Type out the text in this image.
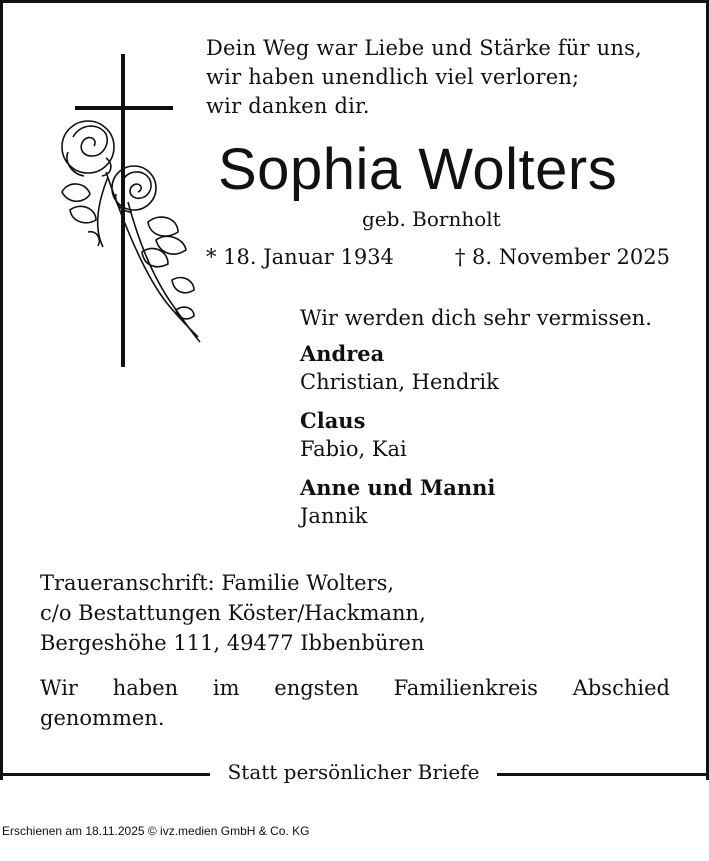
Statt persönlicher Briefe
Dein Weg war Liebe und Stärke für uns,
wir haben unendlich viel verloren;
wir danken dir.
Sophia Wolters
geb. Bornholt
* 18. Januar 1934	† 8. November 2025
Wir werden dich sehr vermissen.
Andrea
Christian, Hendrik
Claus
Fabio, Kai
Anne und Manni
Jannik
Traueranschrift: Familie Wolters,
c/o Bestattungen Köster/Hackmann,
Bergeshöhe 111, 49477 Ibbenbüren
Wir haben im engsten Familienkreis Abschied
genommen.
Erschienen am 18.11.2025 © ivz.medien GmbH & Co. KG
